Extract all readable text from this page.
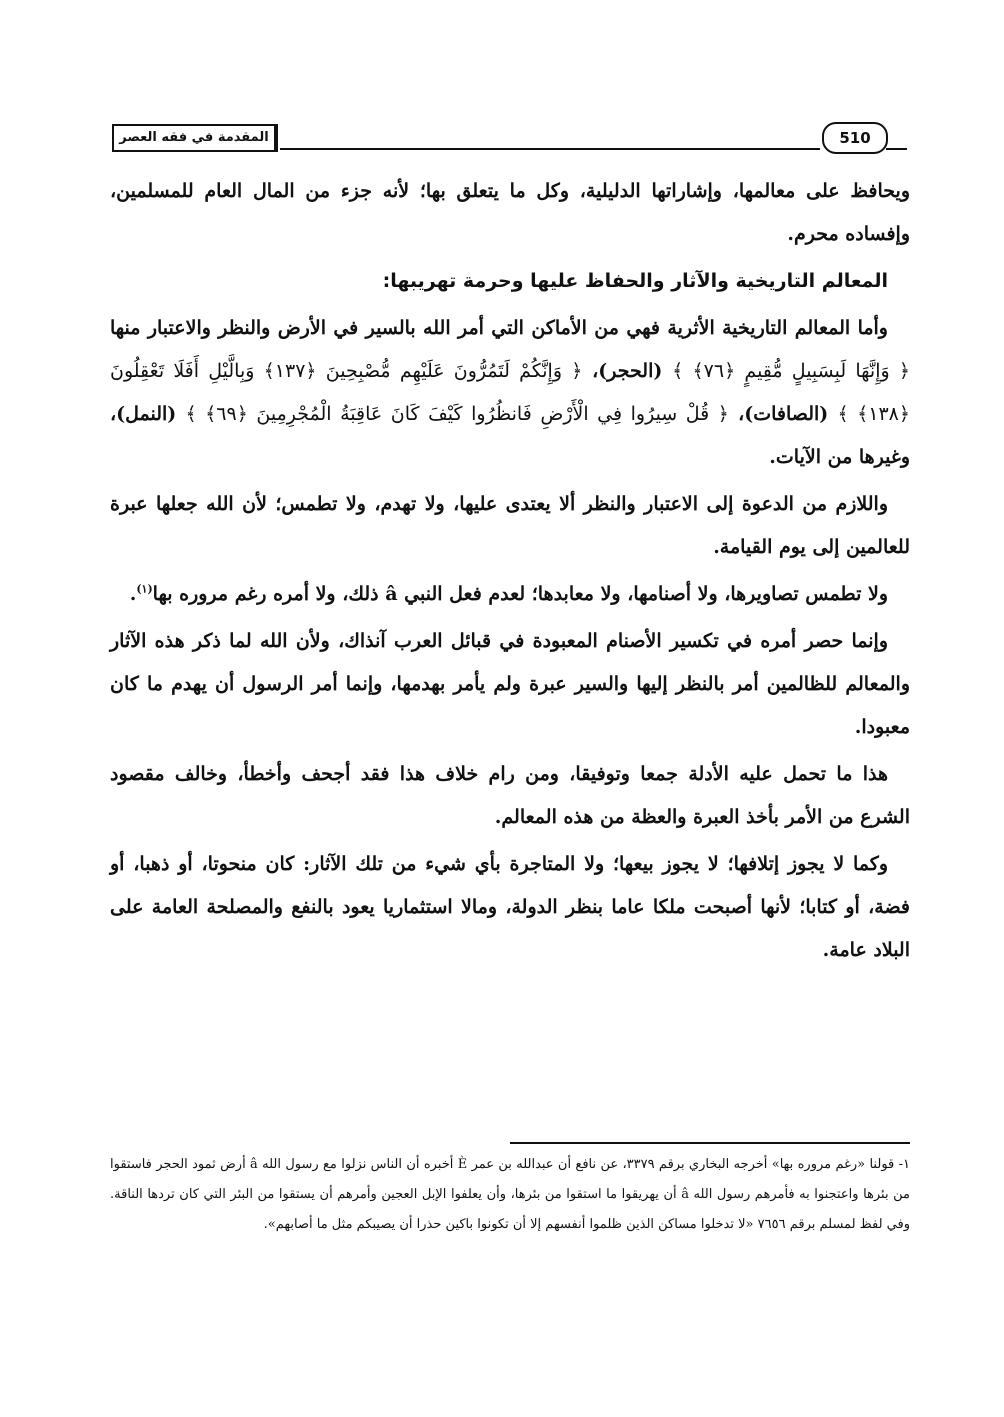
المقدمة في فقه العصر	510

ويحافظ على معالمها، وإشاراتها الدليلية، وكل ما يتعلق بها؛ لأنه جزء من المال العام للمسلمين، وإفساده محرم.

المعالم التاريخية والآثار والحفاظ عليها وحرمة تهريبها:

وأما المعالم التاريخية الأثرية فهي من الأماكن التي أمر الله بالسير في الأرض والنظر والاعتبار منها ﴿ وَإِنَّهَا لَبِسَبِيلٍ مُّقِيمٍ ﴿٧٦﴾ ﴾ (الحجر)، ﴿ وَإِنَّكُمْ لَتَمُرُّونَ عَلَيْهِم مُّصْبِحِينَ ﴿١٣٧﴾ وَبِالَّيْلِ أَفَلَا تَعْقِلُونَ ﴿١٣٨﴾ ﴾ (الصافات)، ﴿ قُلْ سِيرُوا فِي الْأَرْضِ فَانظُرُوا كَيْفَ كَانَ عَاقِبَةُ الْمُجْرِمِينَ ﴿٦٩﴾ ﴾ (النمل)، وغيرها من الآيات.

واللازم من الدعوة إلى الاعتبار والنظر ألا يعتدى عليها، ولا تهدم، ولا تطمس؛ لأن الله جعلها عبرة للعالمين إلى يوم القيامة.

ولا تطمس تصاويرها، ولا أصنامها، ولا معابدها؛ لعدم فعل النبي â ذلك، ولا أمره رغم مروره بها$^{(١)}$.

وإنما حصر أمره في تكسير الأصنام المعبودة في قبائل العرب آنذاك، ولأن الله لما ذكر هذه الآثار والمعالم للظالمين أمر بالنظر إليها والسير عبرة ولم يأمر بهدمها، وإنما أمر الرسول أن يهدم ما كان معبودا.

هذا ما تحمل عليه الأدلة جمعا وتوفيقا، ومن رام خلاف هذا فقد أجحف وأخطأ، وخالف مقصود الشرع من الأمر بأخذ العبرة والعظة من هذه المعالم.

وكما لا يجوز إتلافها؛ لا يجوز بيعها؛ ولا المتاجرة بأي شيء من تلك الآثار: كان منحوتا، أو ذهبا، أو فضة، أو كتابا؛ لأنها أصبحت ملكا عاما بنظر الدولة، ومالا استثماريا يعود بالنفع والمصلحة العامة على البلاد عامة.

١- قولنا «رغم مروره بها» أخرجه البخاري برقم ٣٣٧٩، عن نافع أن عبدالله بن عمر È أخبره أن الناس نزلوا مع رسول الله â أرض ثمود الحجر فاستقوا من بئرها واعتجنوا به فأمرهم رسول الله â أن يهريقوا ما استقوا من بئرها، وأن يعلفوا الإبل العجين وأمرهم أن يستقوا من البئر التي كان تردها الناقة. وفي لفظ لمسلم برقم ٧٦٥٦ «لا تدخلوا مساكن الذين ظلموا أنفسهم إلا أن تكونوا باكين حذرا أن يصيبكم مثل ما أصابهم».
